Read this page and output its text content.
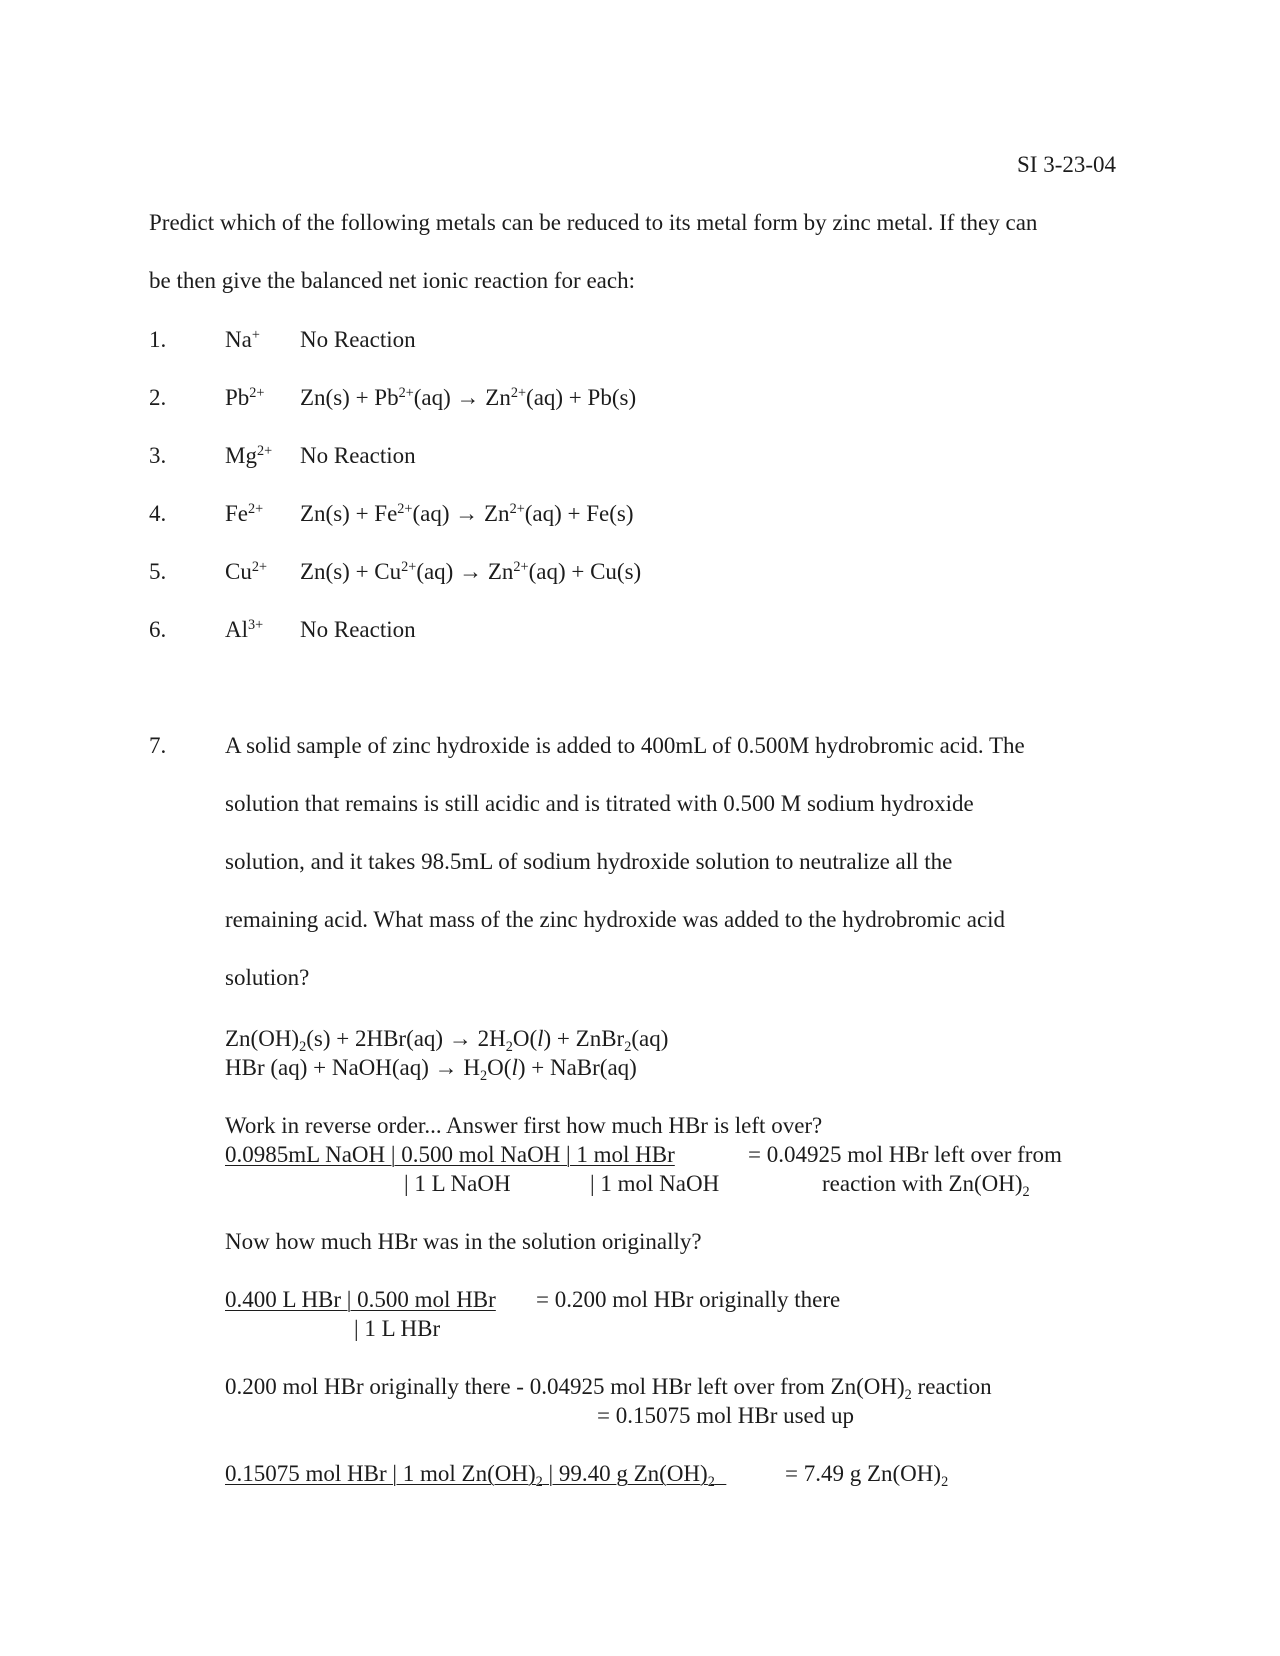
SI 3-23-04
Predict which of the following metals can be reduced to its metal form by zinc metal. If they can
be then give the balanced net ionic reaction for each:
1.	Na+ No Reaction
2.	$Pb^{2+}$ $Zn(s) + Pb^{2+}(aq) \to Zn^{2+}(aq) + Pb(s)$
3.	$Mg^{2+}$ No Reaction
4.	$Fe^{2+}$ $Zn(s) + Fe^{2+}(aq) \to Zn^{2+}(aq) + Fe(s)$
5.	$Cu^{2+}$ $Zn(s) + Cu^{2+}(aq) \to Zn^{2+}(aq) + Cu(s)$
6.	$Al^{3+}$ No Reaction
7.	A solid sample of zinc hydroxide is added to 400mL of 0.500M hydrobromic acid. The
solution that remains is still acidic and is titrated with 0.500 M sodium hydroxide
solution, and it takes 98.5mL of sodium hydroxide solution to neutralize all the
remaining acid. What mass of the zinc hydroxide was added to the hydrobromic acid
solution?
$Zn(OH)_2(s) + 2HBr(aq) \to 2H_2O(l)$ + ZnBr$_2$(aq)
HBr (aq) + NaOH(aq) → $H_2O(l)$ + NaBr(aq)
Work in reverse order... Answer first how much HBr is left over?
0.0985mL NaOH | 0.500 mol NaOH | 1 mol HBr	= 0.04925 mol HBr left over from
| 1 L NaOH	| 1 mol NaOH	reaction with $Zn(OH)_2$
Now how much HBr was in the solution originally?
0.400 L HBr | 0.500 mol HBr = 0.200 mol HBr originally there
| 1 L HBr
0.200 mol HBr originally there - 0.04925 mol HBr left over from $Zn(OH)_2$ reaction
= 0.15075 mol HBr used up
0.15075 mol HBr | 1 mol $Zn(OH)_2$ | 99.40 g $Zn(OH)_2$	= 7.49 g $Zn(OH)_2$
